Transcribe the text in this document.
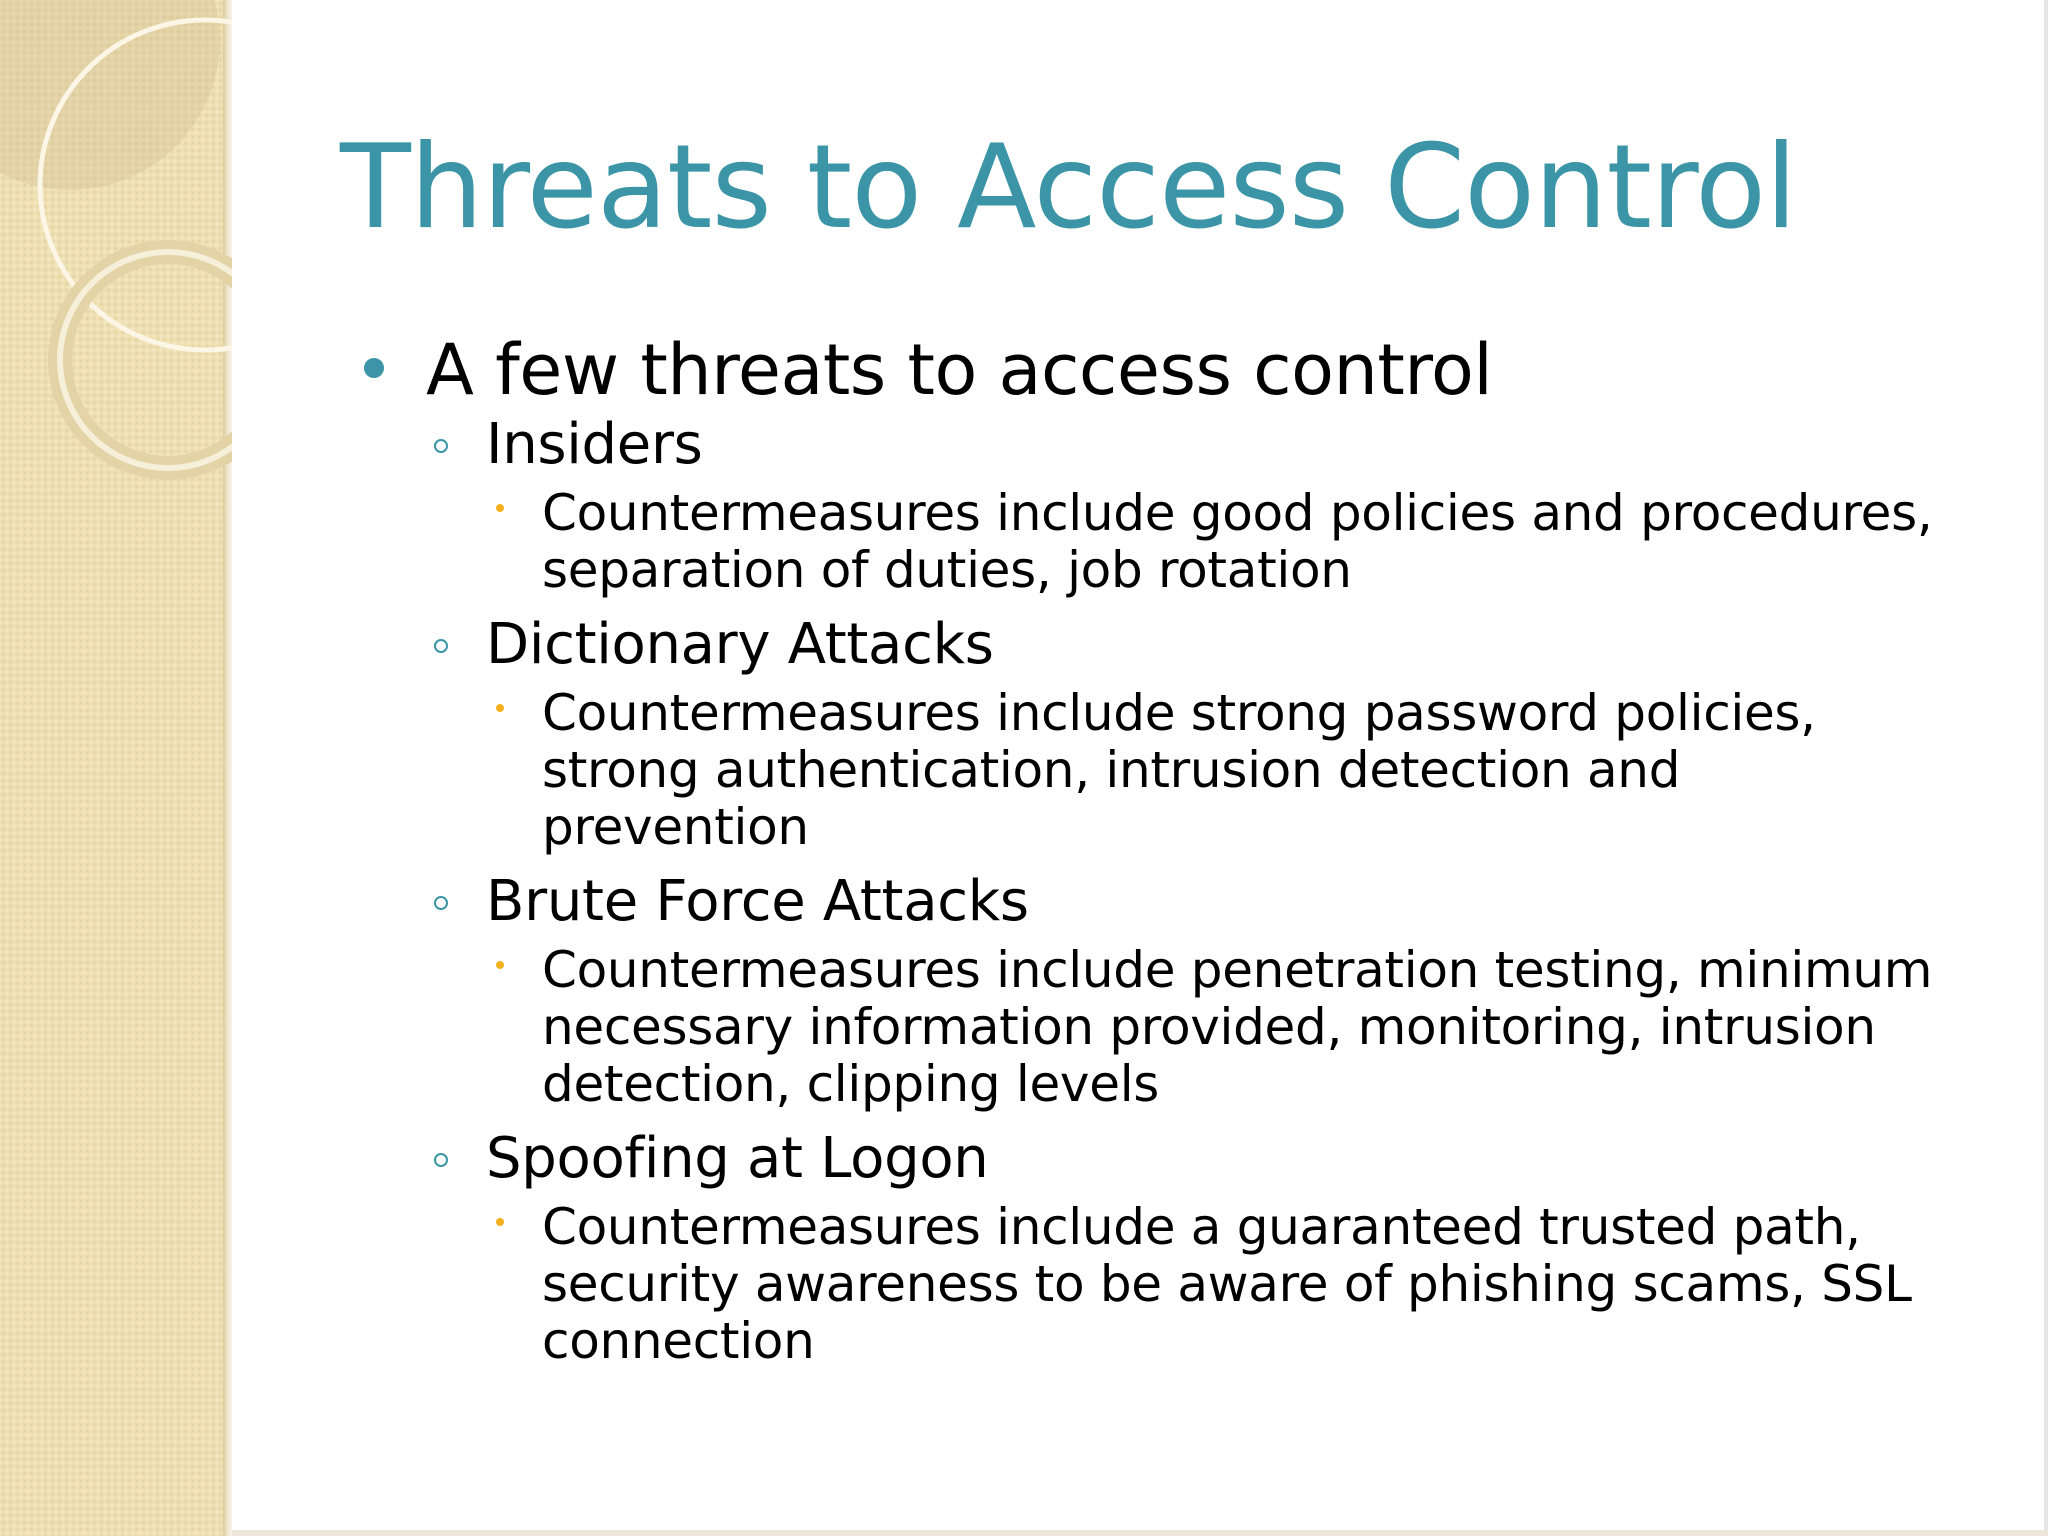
Threats to Access Control
A few threats to access control
Insiders
Countermeasures include good policies and procedures, separation of duties, job rotation
Dictionary Attacks
Countermeasures include strong password policies, strong authentication, intrusion detection and prevention
Brute Force Attacks
Countermeasures include penetration testing, minimum necessary information provided, monitoring, intrusion detection, clipping levels
Spoofing at Logon
Countermeasures include a guaranteed trusted path, security awareness to be aware of phishing scams, SSL connection
